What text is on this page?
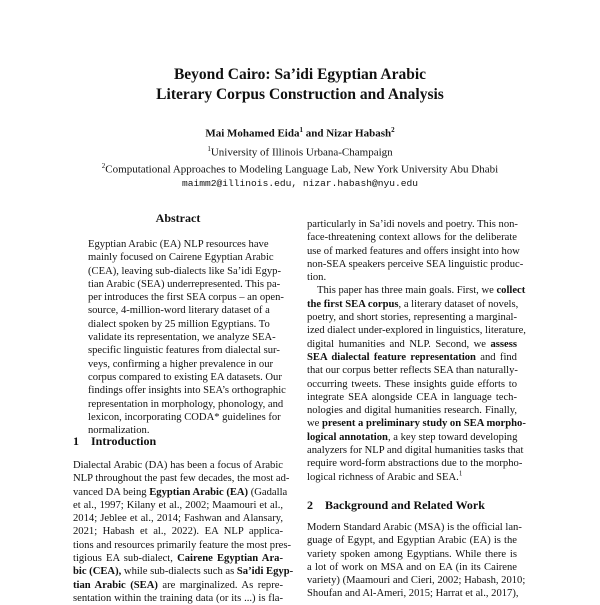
Beyond Cairo: Sa’idi Egyptian Arabic
Literary Corpus Construction and Analysis
Mai Mohamed Eida$^1$ and Nizar Habash$^2$
$^1$University of Illinois Urbana-Champaign
$^2$Computational Approaches to Modeling Language Lab, New York University Abu Dhabi
maimm2@illinois.edu, nizar.habash@nyu.edu
Abstract
Egyptian Arabic (EA) NLP resources have
mainly focused on Cairene Egyptian Arabic
(CEA), leaving sub-dialects like Sa’idi Egyp-
tian Arabic (SEA) underrepresented. This pa-
per introduces the first SEA corpus – an open-
source, 4-million-word literary dataset of a
dialect spoken by 25 million Egyptians. To
validate its representation, we analyze SEA-
specific linguistic features from dialectal sur-
veys, confirming a higher prevalence in our
corpus compared to existing EA datasets. Our
findings offer insights into SEA’s orthographic
representation in morphology, phonology, and
lexicon, incorporating CODA* guidelines for
normalization.
1 Introduction
Dialectal Arabic (DA) has been a focus of Arabic
NLP throughout the past few decades, the most ad-
vanced DA being Egyptian Arabic (EA) (Gadalla
et al., 1997; Kilany et al., 2002; Maamouri et al.,
2014; Jeblee et al., 2014; Fashwan and Alansary,
2021; Habash et al., 2022). EA NLP applica-
tions and resources primarily feature the most pres-
tigious EA sub-dialect, Cairene Egyptian Ara-
bic (CEA), while sub-dialects such as Sa’idi Egyp-
tian Arabic (SEA) are marginalized. As repre-
sentation within the training data (or its ...) is fla-
particularly in Sa’idi novels and poetry. This non-
face-threatening context allows for the deliberate
use of marked features and offers insight into how
non-SEA speakers perceive SEA linguistic produc-
tion.
This paper has three main goals. First, we collect
the first SEA corpus, a literary dataset of novels,
poetry, and short stories, representing a marginal-
ized dialect under-explored in linguistics, literature,
digital humanities and NLP. Second, we assess
SEA dialectal feature representation and find
that our corpus better reflects SEA than naturally-
occurring tweets. These insights guide efforts to
integrate SEA alongside CEA in language tech-
nologies and digital humanities research. Finally,
we present a preliminary study on SEA morpho-
logical annotation, a key step toward developing
analyzers for NLP and digital humanities tasks that
require word-form abstractions due to the morpho-
logical richness of Arabic and SEA.$^1$
2 Background and Related Work
Modern Standard Arabic (MSA) is the official lan-
guage of Egypt, and Egyptian Arabic (EA) is the
variety spoken among Egyptians. While there is
a lot of work on MSA and on EA (in its Cairene
variety) (Maamouri and Cieri, 2002; Habash, 2010;
Shoufan and Al-Ameri, 2015; Harrat et al., 2017),
